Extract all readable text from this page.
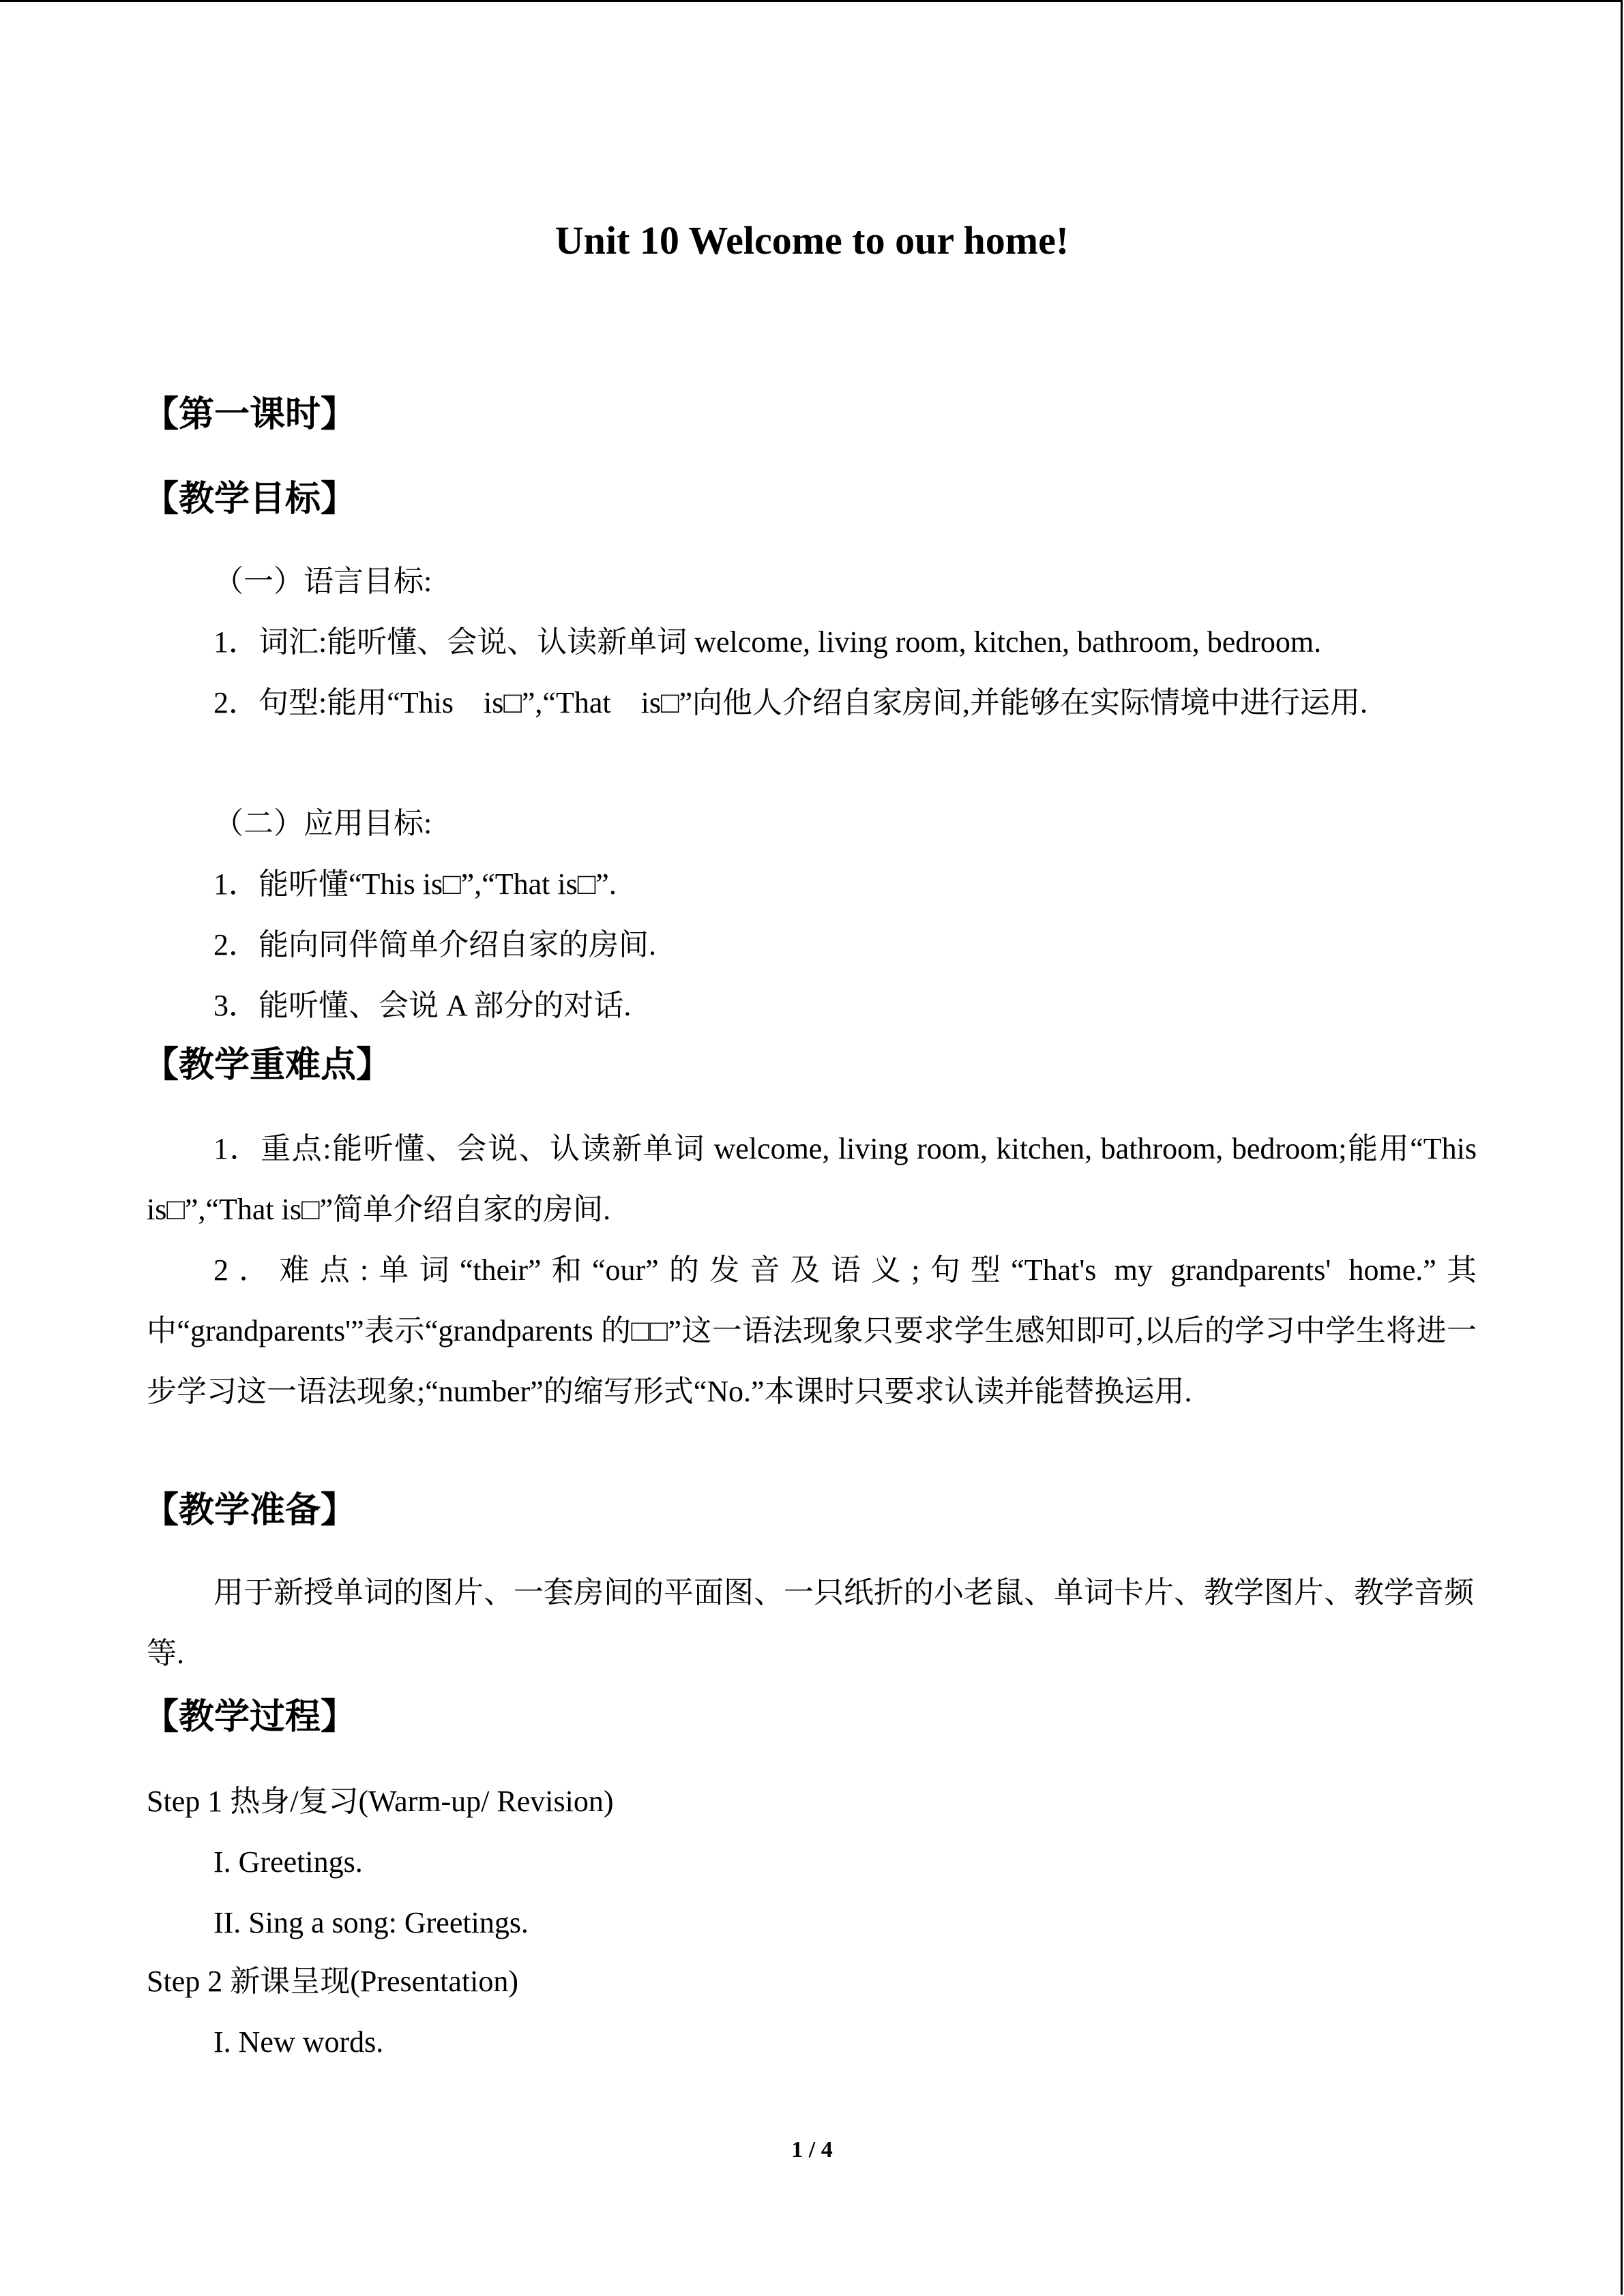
Unit 10 Welcome to our home!
【第一课时】
【教学目标】
（一）语言目标:
1．词汇:能听懂、会说、认读新单词 welcome, living room, kitchen, bathroom, bedroom.
2．句型:能用“This　is□”,“That　is□”向他人介绍自家房间,并能够在实际情境中进行运用.
（二）应用目标:
1．能听懂“This is□”,“That is□”.
2．能向同伴简单介绍自家的房间.
3．能听懂、会说 A 部分的对话.
【教学重难点】
1．重点:能听懂、会说、认读新单词 welcome, living room, kitchen, bathroom, bedroom;能用“This is□”,“That is□”简单介绍自家的房间.
2．难点:单词“their”和“our”的发音及语义;句型“That's my grandparents' home.”其中“grandparents'”表示“grandparents 的□□”这一语法现象只要求学生感知即可,以后的学习中学生将进一步学习这一语法现象;“number”的缩写形式“No.”本课时只要求认读并能替换运用.
【教学准备】
用于新授单词的图片、一套房间的平面图、一只纸折的小老鼠、单词卡片、教学图片、教学音频等.
【教学过程】
Step 1 热身/复习(Warm-up/ Revision)
I. Greetings.
II. Sing a song: Greetings.
Step 2 新课呈现(Presentation)
I. New words.
1 / 4
